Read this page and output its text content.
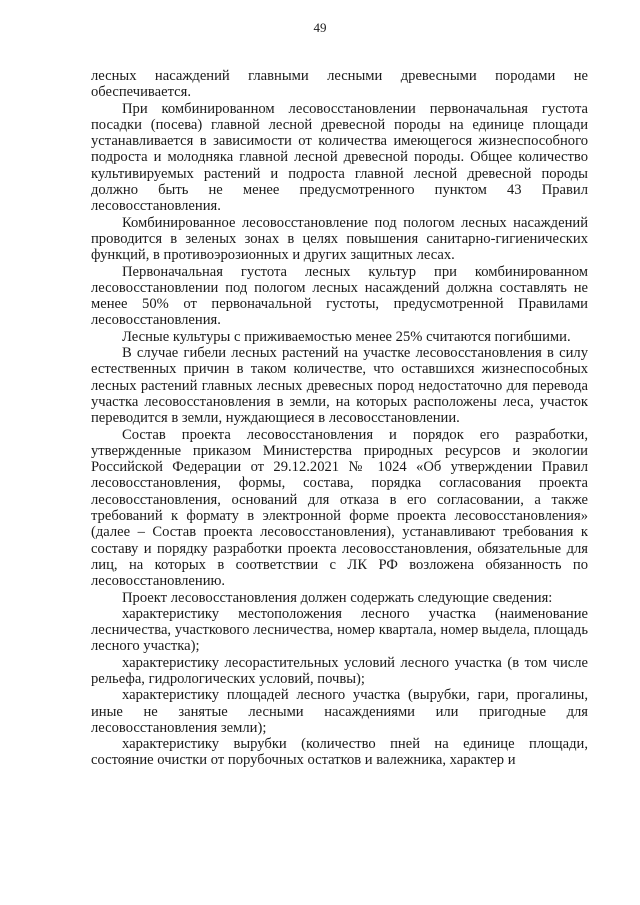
49

лесных насаждений главными лесными древесными породами не обеспечивается.

При комбинированном лесовосстановлении первоначальная густота посадки (посева) главной лесной древесной породы на единице площади устанавливается в зависимости от количества имеющегося жизнеспособного подроста и молодняка главной лесной древесной породы. Общее количество культивируемых растений и подроста главной лесной древесной породы должно быть не менее предусмотренного пунктом 43 Правил лесовосстановления.

Комбинированное лесовосстановление под пологом лесных насаждений проводится в зеленых зонах в целях повышения санитарно-гигиенических функций, в противоэрозионных и других защитных лесах.

Первоначальная густота лесных культур при комбинированном лесовосстановлении под пологом лесных насаждений должна составлять не менее 50% от первоначальной густоты, предусмотренной Правилами лесовосстановления.

Лесные культуры с приживаемостью менее 25% считаются погибшими.

В случае гибели лесных растений на участке лесовосстановления в силу естественных причин в таком количестве, что оставшихся жизнеспособных лесных растений главных лесных древесных пород недостаточно для перевода участка лесовосстановления в земли, на которых расположены леса, участок переводится в земли, нуждающиеся в лесовосстановлении.

Состав проекта лесовосстановления и порядок его разработки, утвержденные приказом Министерства природных ресурсов и экологии Российской Федерации от 29.12.2021 № 1024 «Об утверждении Правил лесовосстановления, формы, состава, порядка согласования проекта лесовосстановления, оснований для отказа в его согласовании, а также требований к формату в электронной форме проекта лесовосстановления» (далее – Состав проекта лесовосстановления), устанавливают требования к составу и порядку разработки проекта лесовосстановления, обязательные для лиц, на которых в соответствии с ЛК РФ возложена обязанность по лесовосстановлению.

Проект лесовосстановления должен содержать следующие сведения:

характеристику местоположения лесного участка (наименование лесничества, участкового лесничества, номер квартала, номер выдела, площадь лесного участка);

характеристику лесорастительных условий лесного участка (в том числе рельефа, гидрологических условий, почвы);

характеристику площадей лесного участка (вырубки, гари, прогалины, иные не занятые лесными насаждениями или пригодные для лесовосстановления земли);

характеристику вырубки (количество пней на единице площади, состояние очистки от порубочных остатков и валежника, характер и
